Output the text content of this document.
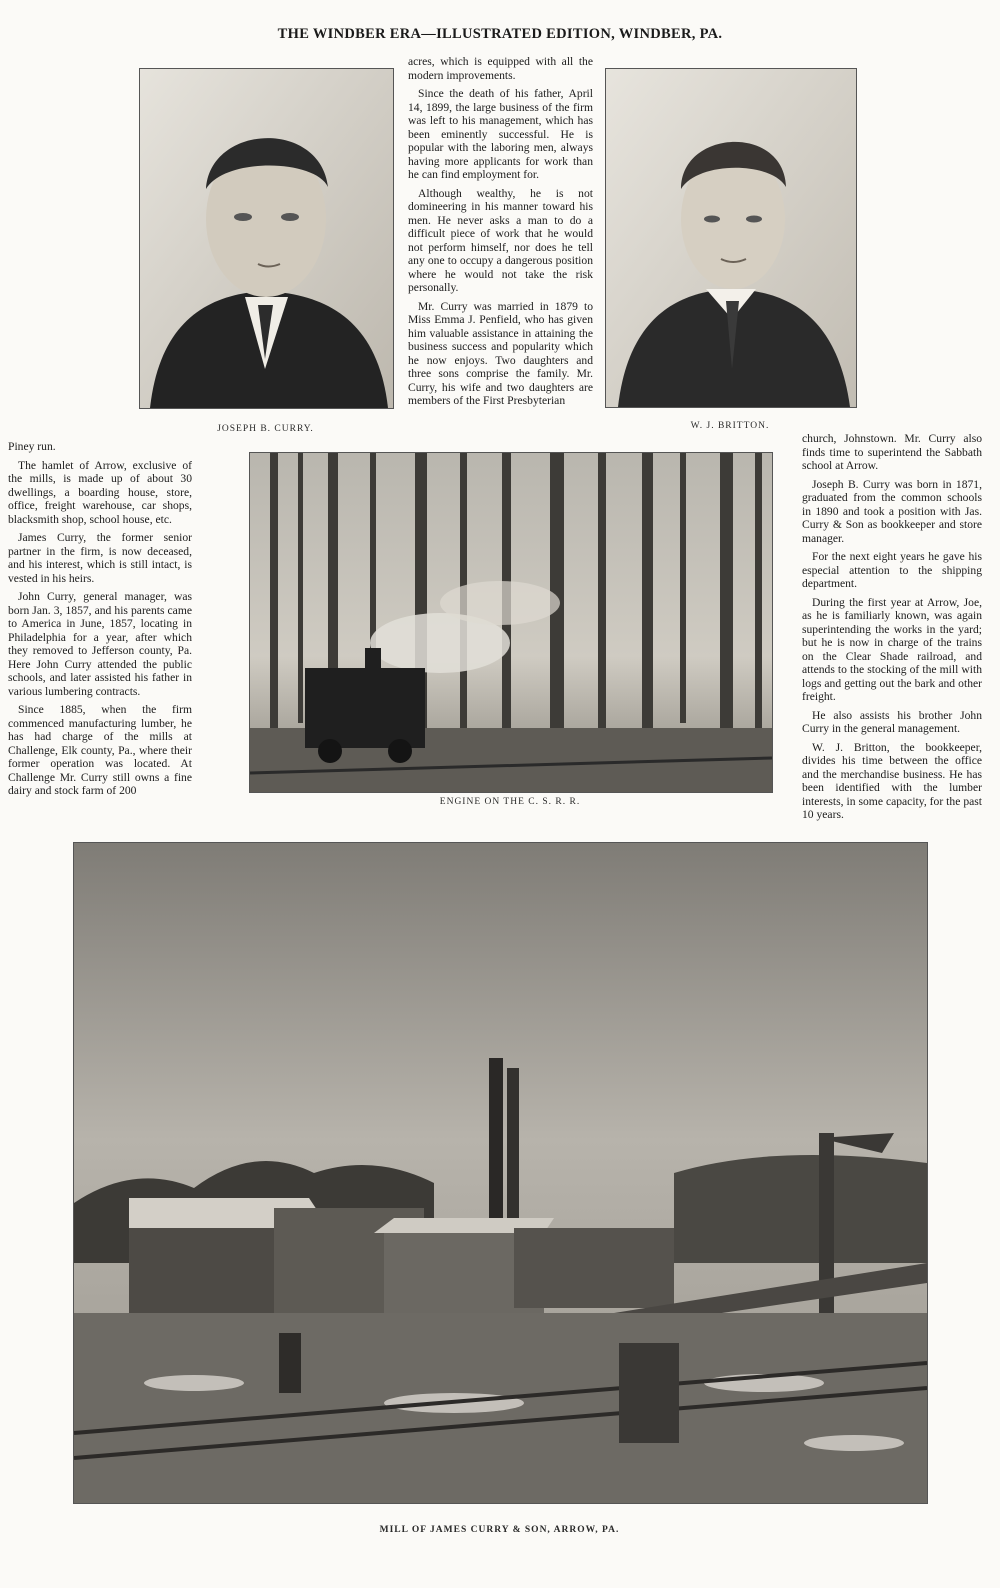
THE WINDBER ERA—ILLUSTRATED EDITION, WINDBER, PA.
JOSEPH B. CURRY.

acres, which is equipped with all the modern improvements.

Since the death of his father, April 14, 1899, the large business of the firm was left to his management, which has been eminently successful. He is popular with the laboring men, always having more applicants for work than he can find employment for.

Although wealthy, he is not domineering in his manner toward his men. He never asks a man to do a difficult piece of work that he would not perform himself, nor does he tell any one to occupy a dangerous position where he would not take the risk personally.

Mr. Curry was married in 1879 to Miss Emma J. Penfield, who has given him valuable assistance in attaining the business success and popularity which he now enjoys. Two daughters and three sons comprise the family. Mr. Curry, his wife and two daughters are members of the First Presbyterian

W. J. BRITTON.

Piney run.

The hamlet of Arrow, exclusive of the mills, is made up of about 30 dwellings, a boarding house, store, office, freight warehouse, car shops, blacksmith shop, school house, etc.

James Curry, the former senior partner in the firm, is now deceased, and his interest, which is still intact, is vested in his heirs.

John Curry, general manager, was born Jan. 3, 1857, and his parents came to America in June, 1857, locating in Philadelphia for a year, after which they removed to Jefferson county, Pa. Here John Curry attended the public schools, and later assisted his father in various lumbering contracts.

Since 1885, when the firm commenced manufacturing lumber, he has had charge of the mills at Challenge, Elk county, Pa., where their former operation was located. At Challenge Mr. Curry still owns a fine dairy and stock farm of 200

ENGINE ON THE C. S. R. R.

church, Johnstown. Mr. Curry also finds time to superintend the Sabbath school at Arrow.

Joseph B. Curry was born in 1871, graduated from the common schools in 1890 and took a position with Jas. Curry & Son as bookkeeper and store manager.

For the next eight years he gave his especial attention to the shipping department.

During the first year at Arrow, Joe, as he is familiarly known, was again superintending the works in the yard; but he is now in charge of the trains on the Clear Shade railroad, and attends to the stocking of the mill with logs and getting out the bark and other freight.

He also assists his brother John Curry in the general management.

W. J. Britton, the bookkeeper, divides his time between the office and the merchandise business. He has been identified with the lumber interests, in some capacity, for the past 10 years.

MILL OF JAMES CURRY & SON, ARROW, PA.
